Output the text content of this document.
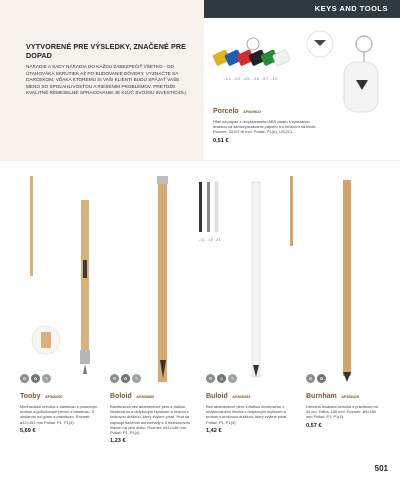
KEYS AND TOOLS
VYTVORENÉ PRE VÝSLEDKY, ZNAČENÉ PRE DOPAD
NÁRADIE A SADY NÁRADIA DO KAŽDU ZABEZPEČIŤ VŠETKO - OD ÚTAHOVÁKA SKRUTIEK AŽ PO BUDOVANIE DÔVERY. VYZNAČTE SA DARČEKOM, VĎAKA KTORÉMU SI VAŠI KLIENTI BUDÚ SPÁJAŤ VAŠE MENO SO SPOĽAHLIVOSŤOU A RIEŠENÍM PROBLÉMOV. PRETOŽE KVALITNÉ REMESELNÉ SPRACOVANIE JE KĽÚČ SVOJOU INVESTÍCIOU.
-01 -02 -05 -06 -07 -10
Porcelo AP809622
Hľač na papier z recyklovaného ABS plastu s vyrezanou drážkou na samovyrezávanie papieru a s krúžkom na kľúče. Rozmer: 32×57×6 mm. Potlač: P1(A), UV(2C).
0,51 €
-01 -18 -21
♻	✿	✎
Tooby AP800057
Mechanická ceruzka z bambusu s posuvným hrotom a guľôčkovým perom z bambusu. S okulárom na gumu a pravítkom. Rozmer: ø12×151 mm Potlač: P1, P1(4).
5,69 €
♻	✿	✎
Boloid AP808886
Bambusová bez atramentové pero s ďalšou životnosťou a dotykovým stylusom a hrotom s krokovou drážkou, ktorý zvykne písať. Hrot sa zapisuje tlačením dohromady s 5 bezhlavovou hlavou na celú dĺžku. Rozmer: ø11×146 mm Potlač: P1, P1(4).
1,23 €
♻	◎	✎
Buloid AP808493
Bez atramentové pero s ďalšou životnosťou z recyklovaného hliníka s dotykovým stylusom a hrotom s krokovou drážkou, ktorý zvykne písať. Potlač: P1, P1(4).
1,42 €
♻	✿
Burnham AP808429
Drevená tesárska ceruzka s pravítkom na 34 cm. Dĺžka: 180 mm. Rozmer: ø9×180 mm Potlač: P1, P1(4).
0,57 €
501
